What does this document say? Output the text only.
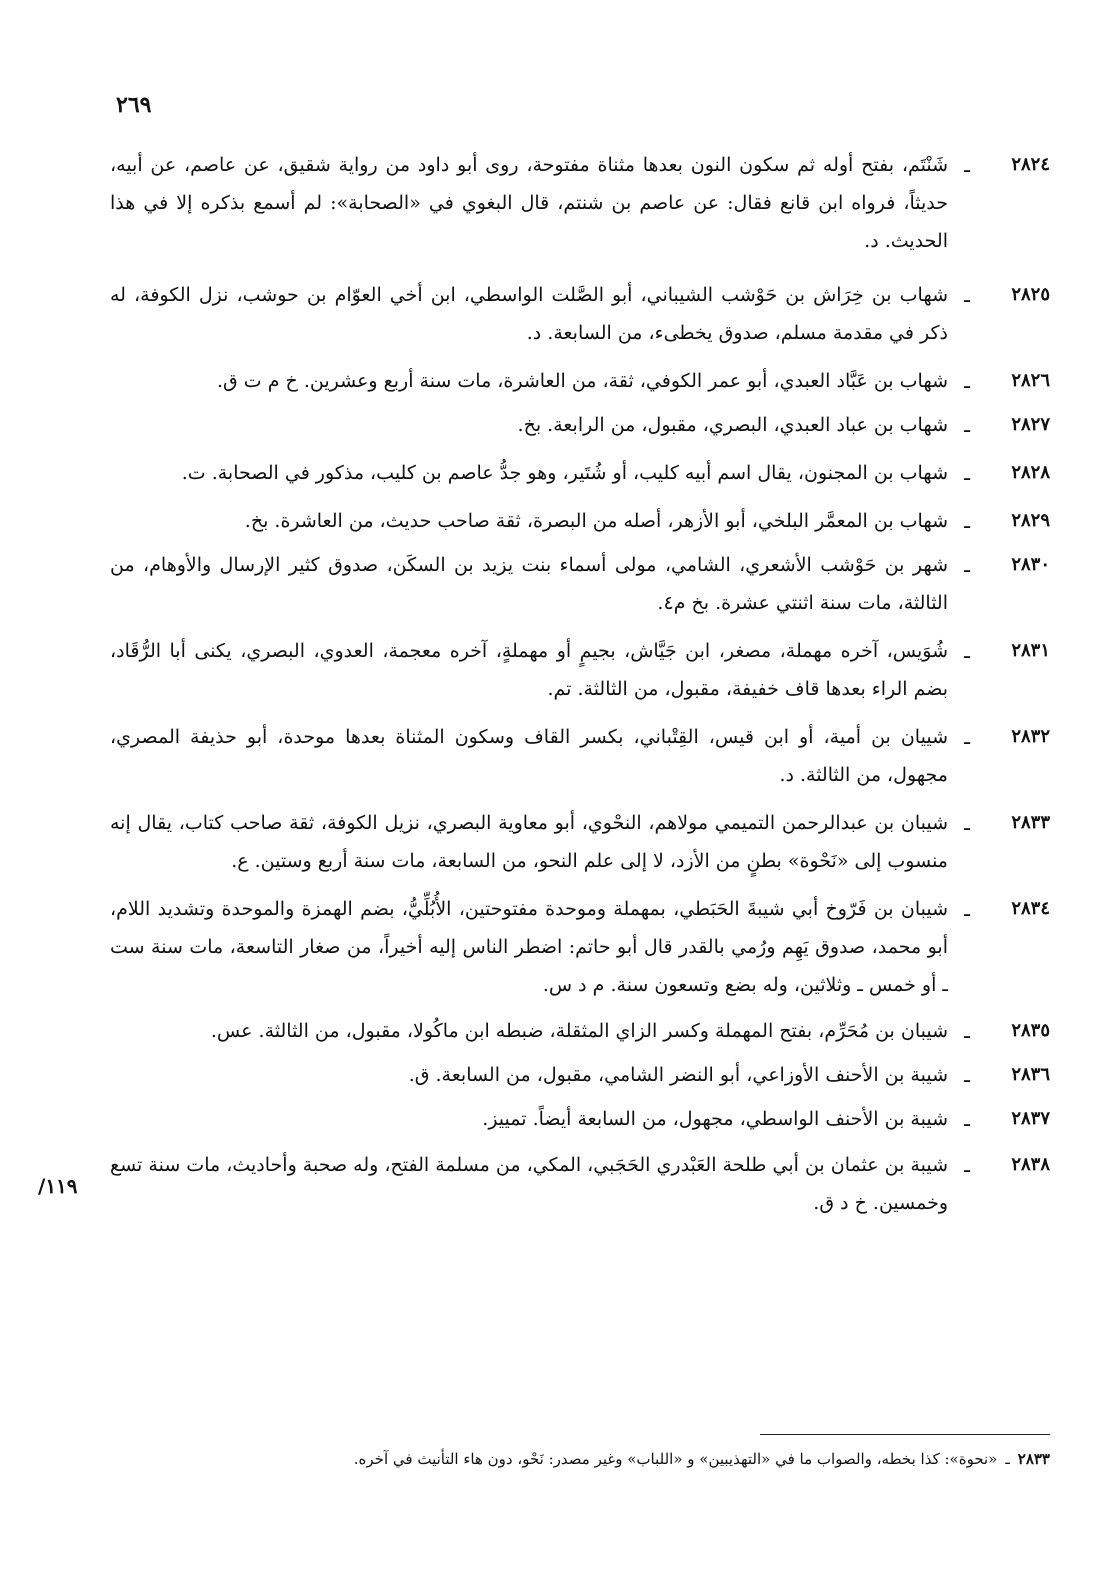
٢٦٩
/١١٩
٢٨٢٤
ـ
شَنْتَم، بفتح أوله ثم سكون النون بعدها مثناة مفتوحة، روى أبو داود من رواية شقيق، عن عاصم، عن أبيه، حديثاً، فرواه ابن قانع فقال: عن عاصم بن شنتم، قال البغوي في «الصحابة»: لم أسمع بذكره إلا في هذا الحديث. د.
٢٨٢٥
ـ
شهاب بن خِرَاش بن حَوْشب الشيباني، أبو الصَّلت الواسطي، ابن أخي العوّام بن حوشب، نزل الكوفة، له ذكر في مقدمة مسلم، صدوق يخطىء، من السابعة. د.
٢٨٢٦
ـ
شهاب بن عَبَّاد العبدي، أبو عمر الكوفي، ثقة، من العاشرة، مات سنة أربع وعشرين. خ م ت ق.
٢٨٢٧
ـ
شهاب بن عباد العبدي، البصري، مقبول، من الرابعة. بخ.
٢٨٢٨
ـ
شهاب بن المجنون، يقال اسم أبيه كليب، أو شُتَير، وهو جدُّ عاصم بن كليب، مذكور في الصحابة. ت.
٢٨٢٩
ـ
شهاب بن المعمَّر البلخي، أبو الأزهر، أصله من البصرة، ثقة صاحب حديث، من العاشرة. بخ.
٢٨٣٠
ـ
شهر بن حَوْشب الأشعري، الشامي، مولى أسماء بنت يزيد بن السكَن، صدوق كثير الإرسال والأوهام، من الثالثة، مات سنة اثنتي عشرة. بخ م٤.
٢٨٣١
ـ
شُوَيس، آخره مهملة، مصغر، ابن جَيَّاش، بجيمٍ أو مهملةٍ، آخره معجمة، العدوي، البصري، يكنى أبا الرُّقَاد، بضم الراء بعدها قاف خفيفة، مقبول، من الثالثة. تم.
٢٨٣٢
ـ
شييان بن أمية، أو ابن قيس، القِتْباني، بكسر القاف وسكون المثناة بعدها موحدة، أبو حذيفة المصري، مجهول، من الثالثة. د.
٢٨٣٣
ـ
شيبان بن عبدالرحمن التميمي مولاهم، النحْوي، أبو معاوية البصري، نزيل الكوفة، ثقة صاحب كتاب، يقال إنه منسوب إلى «نَحْوة» بطنٍ من الأزد، لا إلى علم النحو، من السابعة، مات سنة أربع وستين. ع.
٢٨٣٤
ـ
شيبان بن فَرّوخ أبي شيبةَ الحَبَطي، بمهملة وموحدة مفتوحتين، الأُبُلِّيُّ، بضم الهمزة والموحدة وتشديد اللام، أبو محمد، صدوق يَهِم ورُمي بالقدر قال أبو حاتم: اضطر الناس إليه أخيراً، من صغار التاسعة، مات سنة ست ـ أو خمس ـ وثلاثين، وله بضع وتسعون سنة. م د س.
٢٨٣٥
ـ
شيبان بن مُحَرِّم، بفتح المهملة وكسر الزاي المثقلة، ضبطه ابن ماكُولا، مقبول، من الثالثة. عس.
٢٨٣٦
ـ
شيبة بن الأحنف الأوزاعي، أبو النضر الشامي، مقبول، من السابعة. ق.
٢٨٣٧
ـ
شيبة بن الأحنف الواسطي، مجهول، من السابعة أيضاً. تمييز.
٢٨٣٨
ـ
شيبة بن عثمان بن أبي طلحة العَبْدري الحَجَبي، المكي، من مسلمة الفتح، وله صحبة وأحاديث، مات سنة تسع وخمسين. خ د ق.
٢٨٣٣
ـ
«نحوة»: كذا بخطه، والصواب ما في «التهذيبين» و «اللباب» وغير مصدر: نَحْو، دون هاء التأنيث في آخره.
